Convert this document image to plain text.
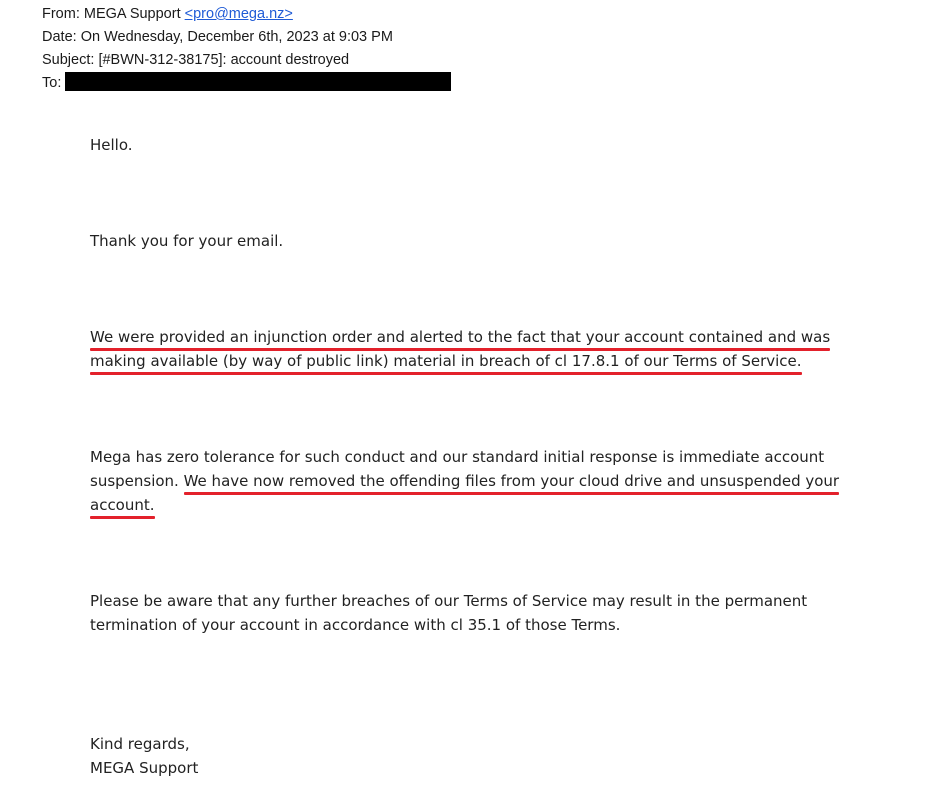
From: MEGA Support <pro@mega.nz>
Date: On Wednesday, December 6th, 2023 at 9:03 PM
Subject: [#BWN-312-38175]: account destroyed
To:

Hello.

Thank you for your email.

We were provided an injunction order and alerted to the fact that your account contained and was
making available (by way of public link) material in breach of cl 17.8.1 of our Terms of Service.

Mega has zero tolerance for such conduct and our standard initial response is immediate account
suspension. We have now removed the offending files from your cloud drive and unsuspended your
account.

Please be aware that any further breaches of our Terms of Service may result in the permanent
termination of your account in accordance with cl 35.1 of those Terms.

Kind regards,
MEGA Support
